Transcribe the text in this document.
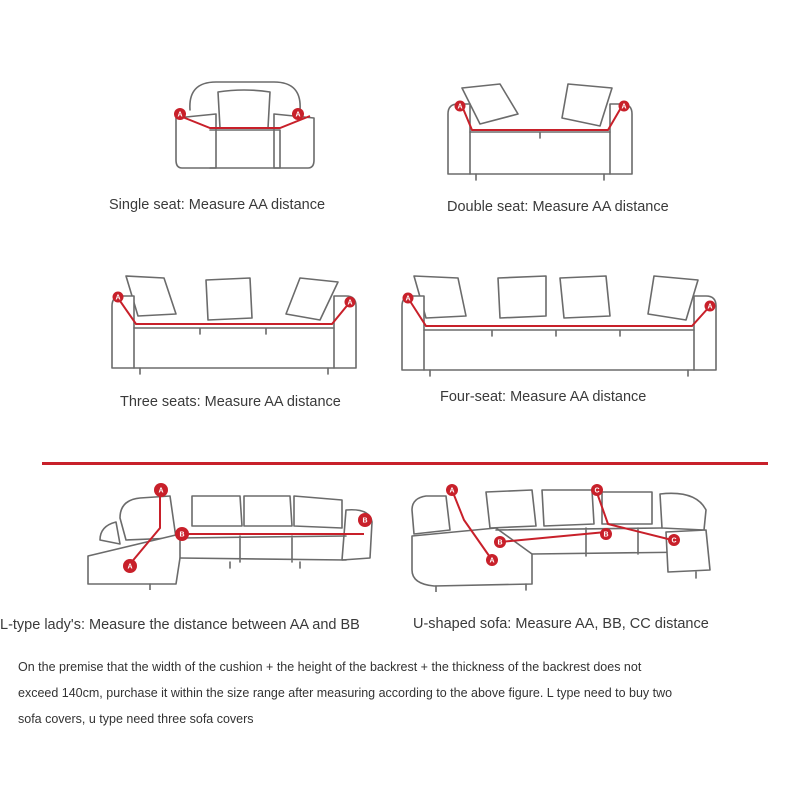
A	A
Single seat: Measure AA distance
A	A
Double seat: Measure AA distance
A
A
Three seats: Measure AA distance
A
A
Four-seat: Measure AA distance
A
A
B
B
L-type lady's: Measure the distance between AA and BB
A
A
B
B
C
C
U-shaped sofa: Measure AA, BB, CC distance
On the premise that the width of the cushion + the height of the backrest + the thickness of the backrest does not
exceed 140cm, purchase it within the size range after measuring according to the above figure. L type need to buy two
sofa covers, u type need three sofa covers
